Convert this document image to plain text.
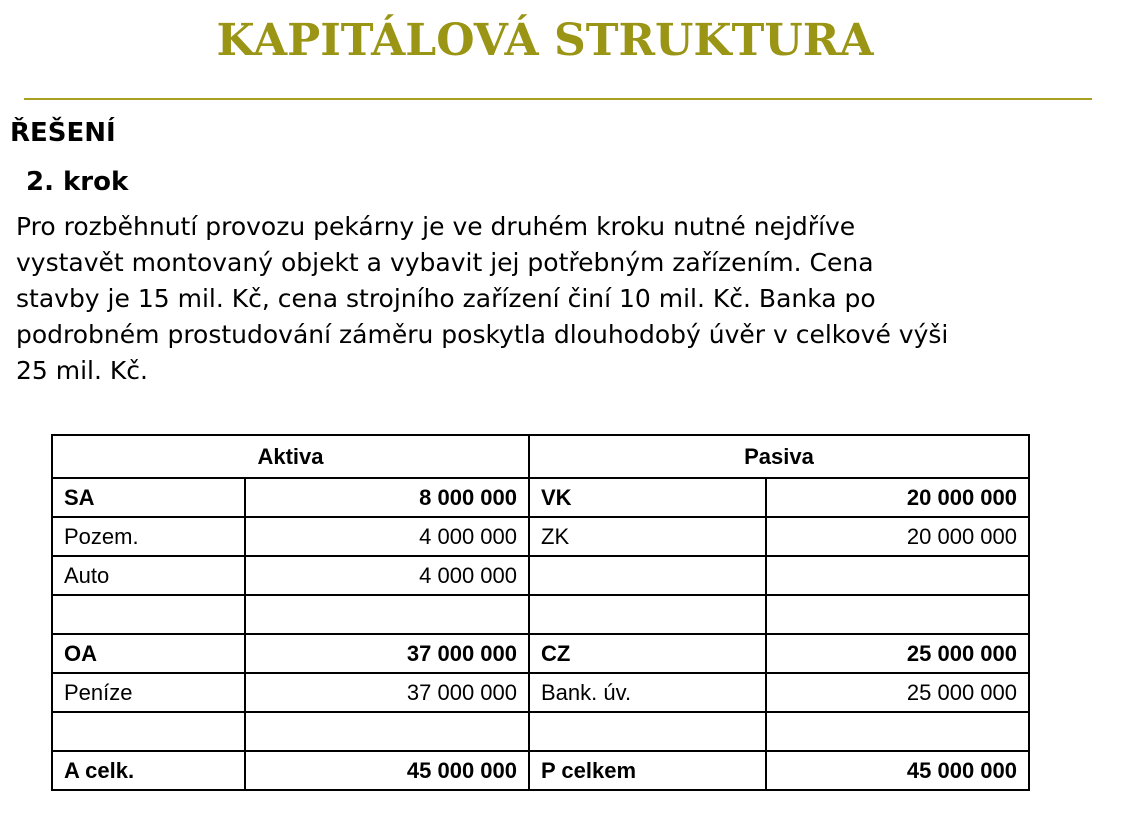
KAPITÁLOVÁ STRUKTURA
ŘEŠENÍ
2. krok

Pro rozběhnutí provozu pekárny je ve druhém kroku nutné nejdříve
vystavět montovaný objekt a vybavit jej potřebným zařízením. Cena
stavby je 15 mil. Kč, cena strojního zařízení činí 10 mil. Kč. Banka po
podrobném prostudování záměru poskytla dlouhodobý úvěr v celkové výši
25 mil. Kč.

Aktiva		Pasiva	
SA	8 000 000	VK	20 000 000
Pozem.	4 000 000	ZK	20 000 000
Auto	4 000 000		

OA	37 000 000	CZ	25 000 000
Peníze	37 000 000	Bank. úv.	25 000 000

A celk.	45 000 000	P celkem	45 000 000
